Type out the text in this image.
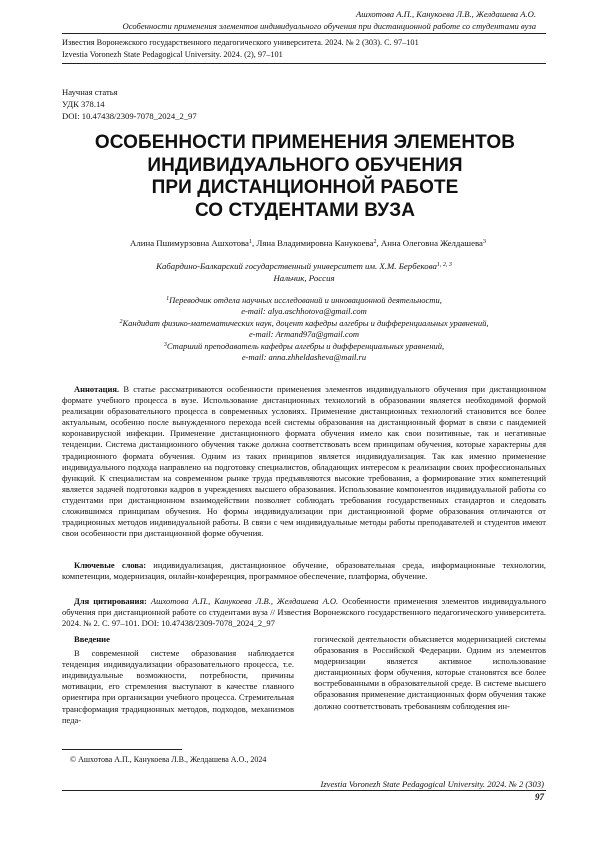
Ашхотова А.П., Канукоева Л.В., Желдашева А.О.
Особенности применения элементов индивидуального обучения при дистанционной работе со студентами вуза
Известия Воронежского государственного педагогического университета. 2024. № 2 (303). С. 97–101
Izvestia Voronezh State Pedagogical University. 2024. (2), 97–101
Научная статья
УДК 378.14
DOI: 10.47438/2309-7078_2024_2_97
ОСОБЕННОСТИ ПРИМЕНЕНИЯ ЭЛЕМЕНТОВ
ИНДИВИДУАЛЬНОГО ОБУЧЕНИЯ
ПРИ ДИСТАНЦИОННОЙ РАБОТЕ
СО СТУДЕНТАМИ ВУЗА
Алина Пшимурзовна Ашхотова$^1$, Ляна Владимировна Канукоева$^2$, Анна Олеговна Желдашева$^3$
Кабардино-Балкарский государственный университет им. Х.М. Бербекова$^{1, 2, 3}$
Нальчик, Россия
$^1$Переводчик отдела научных исследований и инновационной деятельности,
e-mail: alya.aschhotova@gmail.com
$^2$Кандидат физико-математических наук, доцент кафедры алгебры и дифференциальных уравнений,
e-mail: Armand97a@gmail.com
$^3$Старший преподаватель кафедры алгебры и дифференциальных уравнений,
e-mail: anna.zhheldasheva@mail.ru
Аннотация. В статье рассматриваются особенности применения элементов индивидуального обучения при дистанционном формате учебного процесса в вузе. Использование дистанционных технологий в образовании является необходимой формой реализации образовательного процесса в современных условиях. Применение дистанционных технологий становится все более актуальным, особенно после вынужденного перехода всей системы образования на дистанционный формат в связи с пандемией коронавирусной инфекции. Применение дистанционного формата обучения имело как свои позитивные, так и негативные тенденции. Система дистанционного обучения также должна соответствовать всем принципам обучения, которые характерны для традиционного формата обучения. Одним из таких принципов является индивидуализация. Так как именно применение индивидуального подхода направлено на подготовку специалистов, обладающих интересом к реализации своих профессиональных функций. К специалистам на современном рынке труда предъявляются высокие требования, а формирование этих компетенций является задачей подготовки кадров в учреждениях высшего образования. Использование компонентов индивидуальной работы со студентами при дистанционном взаимодействии позволяет соблюдать требования государственных стандартов и следовать сложившимся принципам обучения. Но формы индивидуализации при дистанционной форме образования отличаются от традиционных методов индивидуальной работы. В связи с чем индивидуальные методы работы преподавателей и студентов имеют свои особенности при дистанционной форме обучения.
Ключевые слова: индивидуализация, дистанционное обучение, образовательная среда, информационные технологии, компетенции, модернизация, онлайн-конференция, программное обеспечение, платформа, обучение.
Для цитирования: Ашхотова А.П., Канукоева Л.В., Желдашева А.О. Особенности применения элементов индивидуального обучения при дистанционной работе со студентами вуза // Известия Воронежского государственного педагогического университета. 2024. № 2. С. 97–101. DOI: 10.47438/2309-7078_2024_2_97
Введение

В современной системе образования наблюдается тенденция индивидуализации образовательного процесса, т.е. индивидуальные возможности, потребности, причины мотивации, его стремления выступают в качестве главного ориентира при организации учебного процесса. Стремительная трансформация традиционных методов, подходов, механизмов педа-

гогической деятельности объясняется модернизацией системы образования в Российской Федерации. Одним из элементов модернизации является активное использование дистанционных форм обучения, которые становятся все более востребованными в образовательной среде. В системе высшего образования применение дистанционных форм обучения также должно соответствовать требованиям соблюдения ин-

© Ашхотова А.П., Канукоева Л.В., Желдашева А.О., 2024
Izvestia Voronezh State Pedagogical University. 2024. № 2 (303)
97
